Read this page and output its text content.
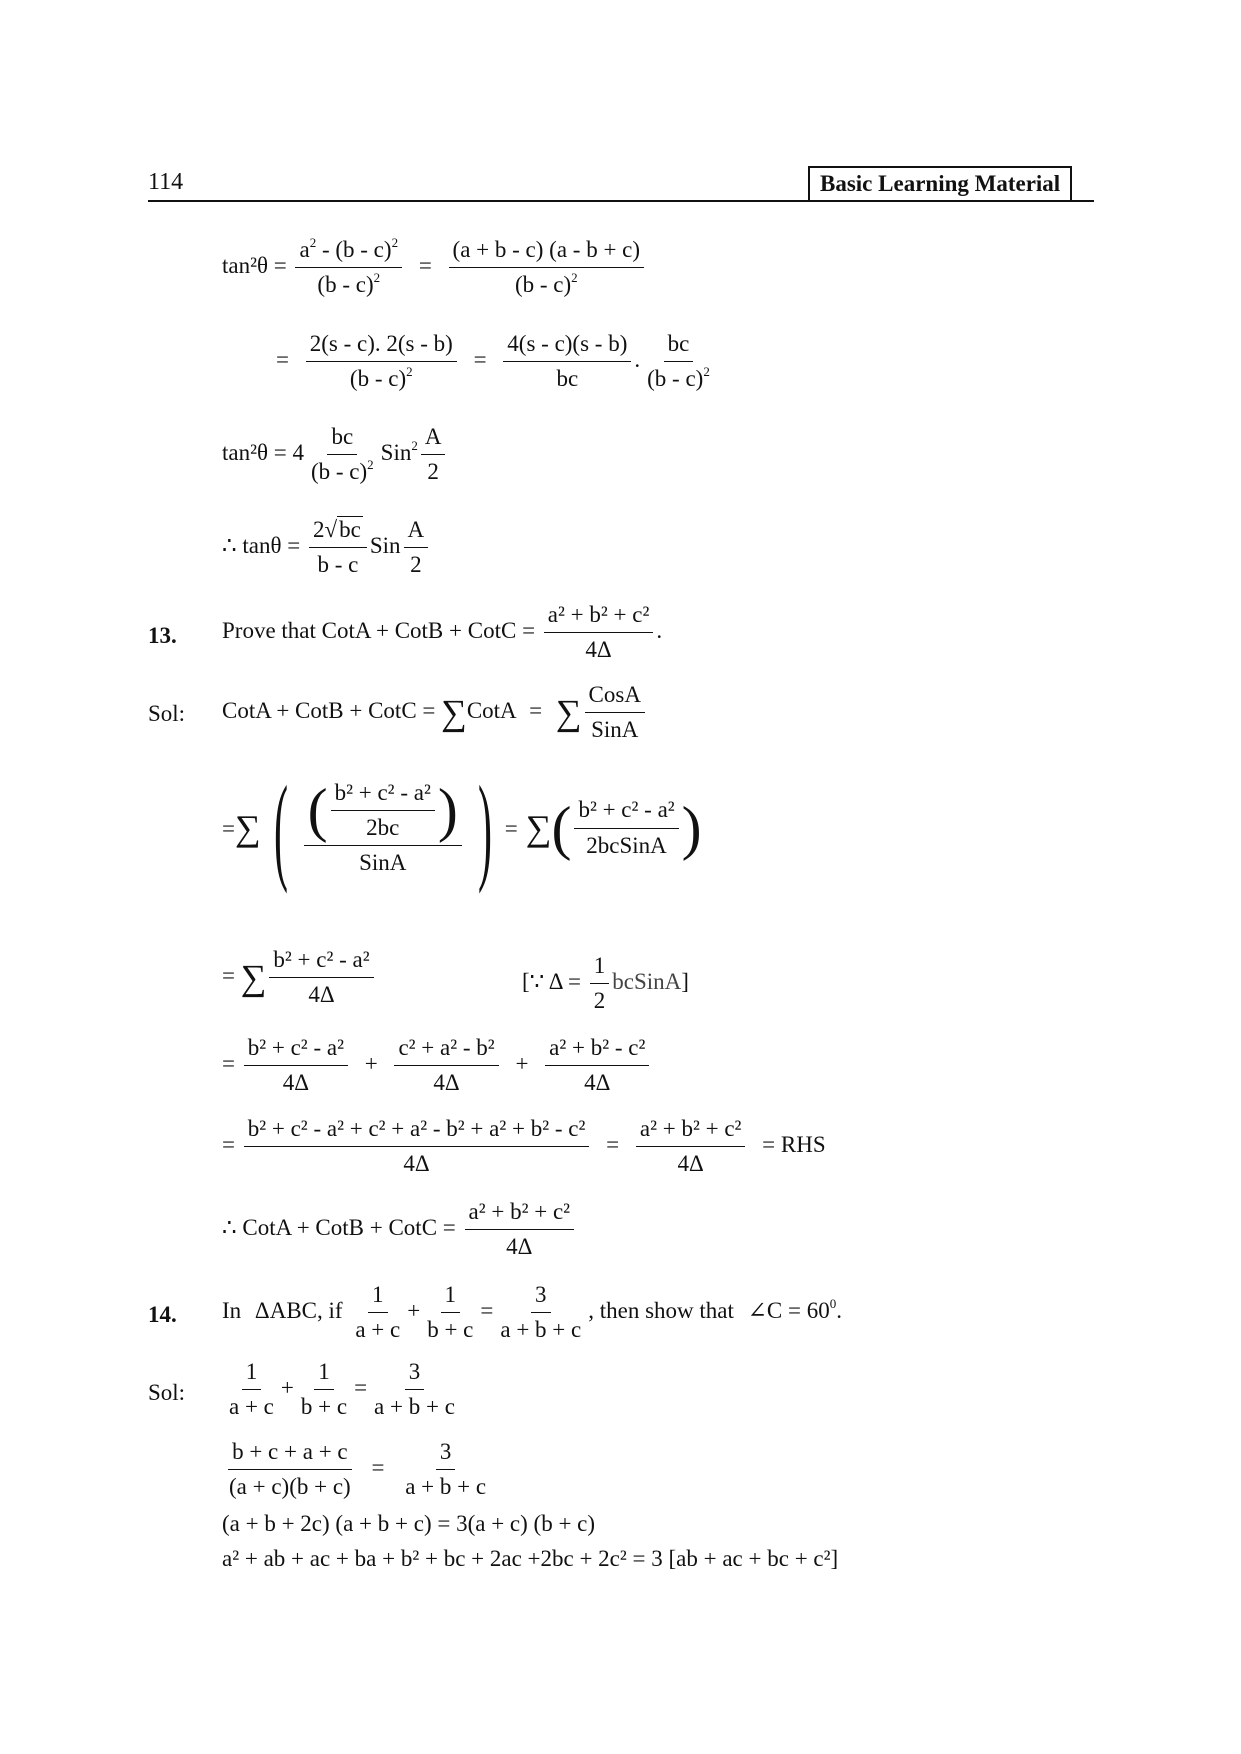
114	Basic Learning Material
$\tan^2\theta = \frac{a^2 - (b - c)^2}{(b - c)^2} = \frac{(a + b - c) (a - b + c)}{(b - c)^2}$
= $\frac{2(s - c). 2(s - b)}{(b - c)^2} = \frac{4(s - c)(s - b)}{bc}$ . $\frac{bc}{(b - c)^2}$
$\tan^2\theta = 4 \frac{bc}{(b - c)^2} Sin^2 \frac{A}{2}$
∴ $\tan\theta = \frac{2√bc}{b - c}$ Sin $\frac{A}{2}$
13. Prove that CotA + CotB + CotC = $\frac{\text{a² + b² + c²}}{4\Delta}$ .
Sol: CotA + CotB + CotC = ∑CotA = ∑ $\frac{\text{CosA}}{\text{SinA}}$
= ∑ ( $\frac{( \frac{\text{b² + c² - a²}}{2bc} )}{\text{SinA}}$ ) = ∑ ( $\frac{\text{b² + c² - a²}}{\text{2bcSinA}}$ )
= ∑ $\frac{\text{b² + c² - a²}}{4\Delta}$	[∵ $\Delta = \frac{1}{2}$ bcSinA]
= $\frac{\text{b² + c² - a²}}{4\Delta} + \frac{\text{c² + a² - b²}}{4\Delta} + \frac{\text{a² + b² - c²}}{4\Delta}$
= $\frac{\text{b² + c² - a² + c² + a² - b² + a² + b² - c²}}{4\Delta} = \frac{\text{a² + b² + c²}}{4\Delta}$ = RHS
∴ CotA + CotB + CotC = $\frac{\text{a² + b² + c²}}{4\Delta}$
14. In ΔABC, if $\frac{1}{a + c} + \frac{1}{b + c} = \frac{3}{a + b + c}$ , then show that ∠C = $60^0$.
Sol: $\frac{1}{a + c} + \frac{1}{b + c} = \frac{3}{a + b + c}$
$\frac{b + c + a + c}{(a + c)(b + c)} = \frac{3}{a + b + c}$
(a + b + 2c) (a + b + c) = 3(a + c) (b + c)
a² + ab + ac + ba + b² + bc + 2ac +2bc + 2c² = 3 [ab + ac + bc + c²]
